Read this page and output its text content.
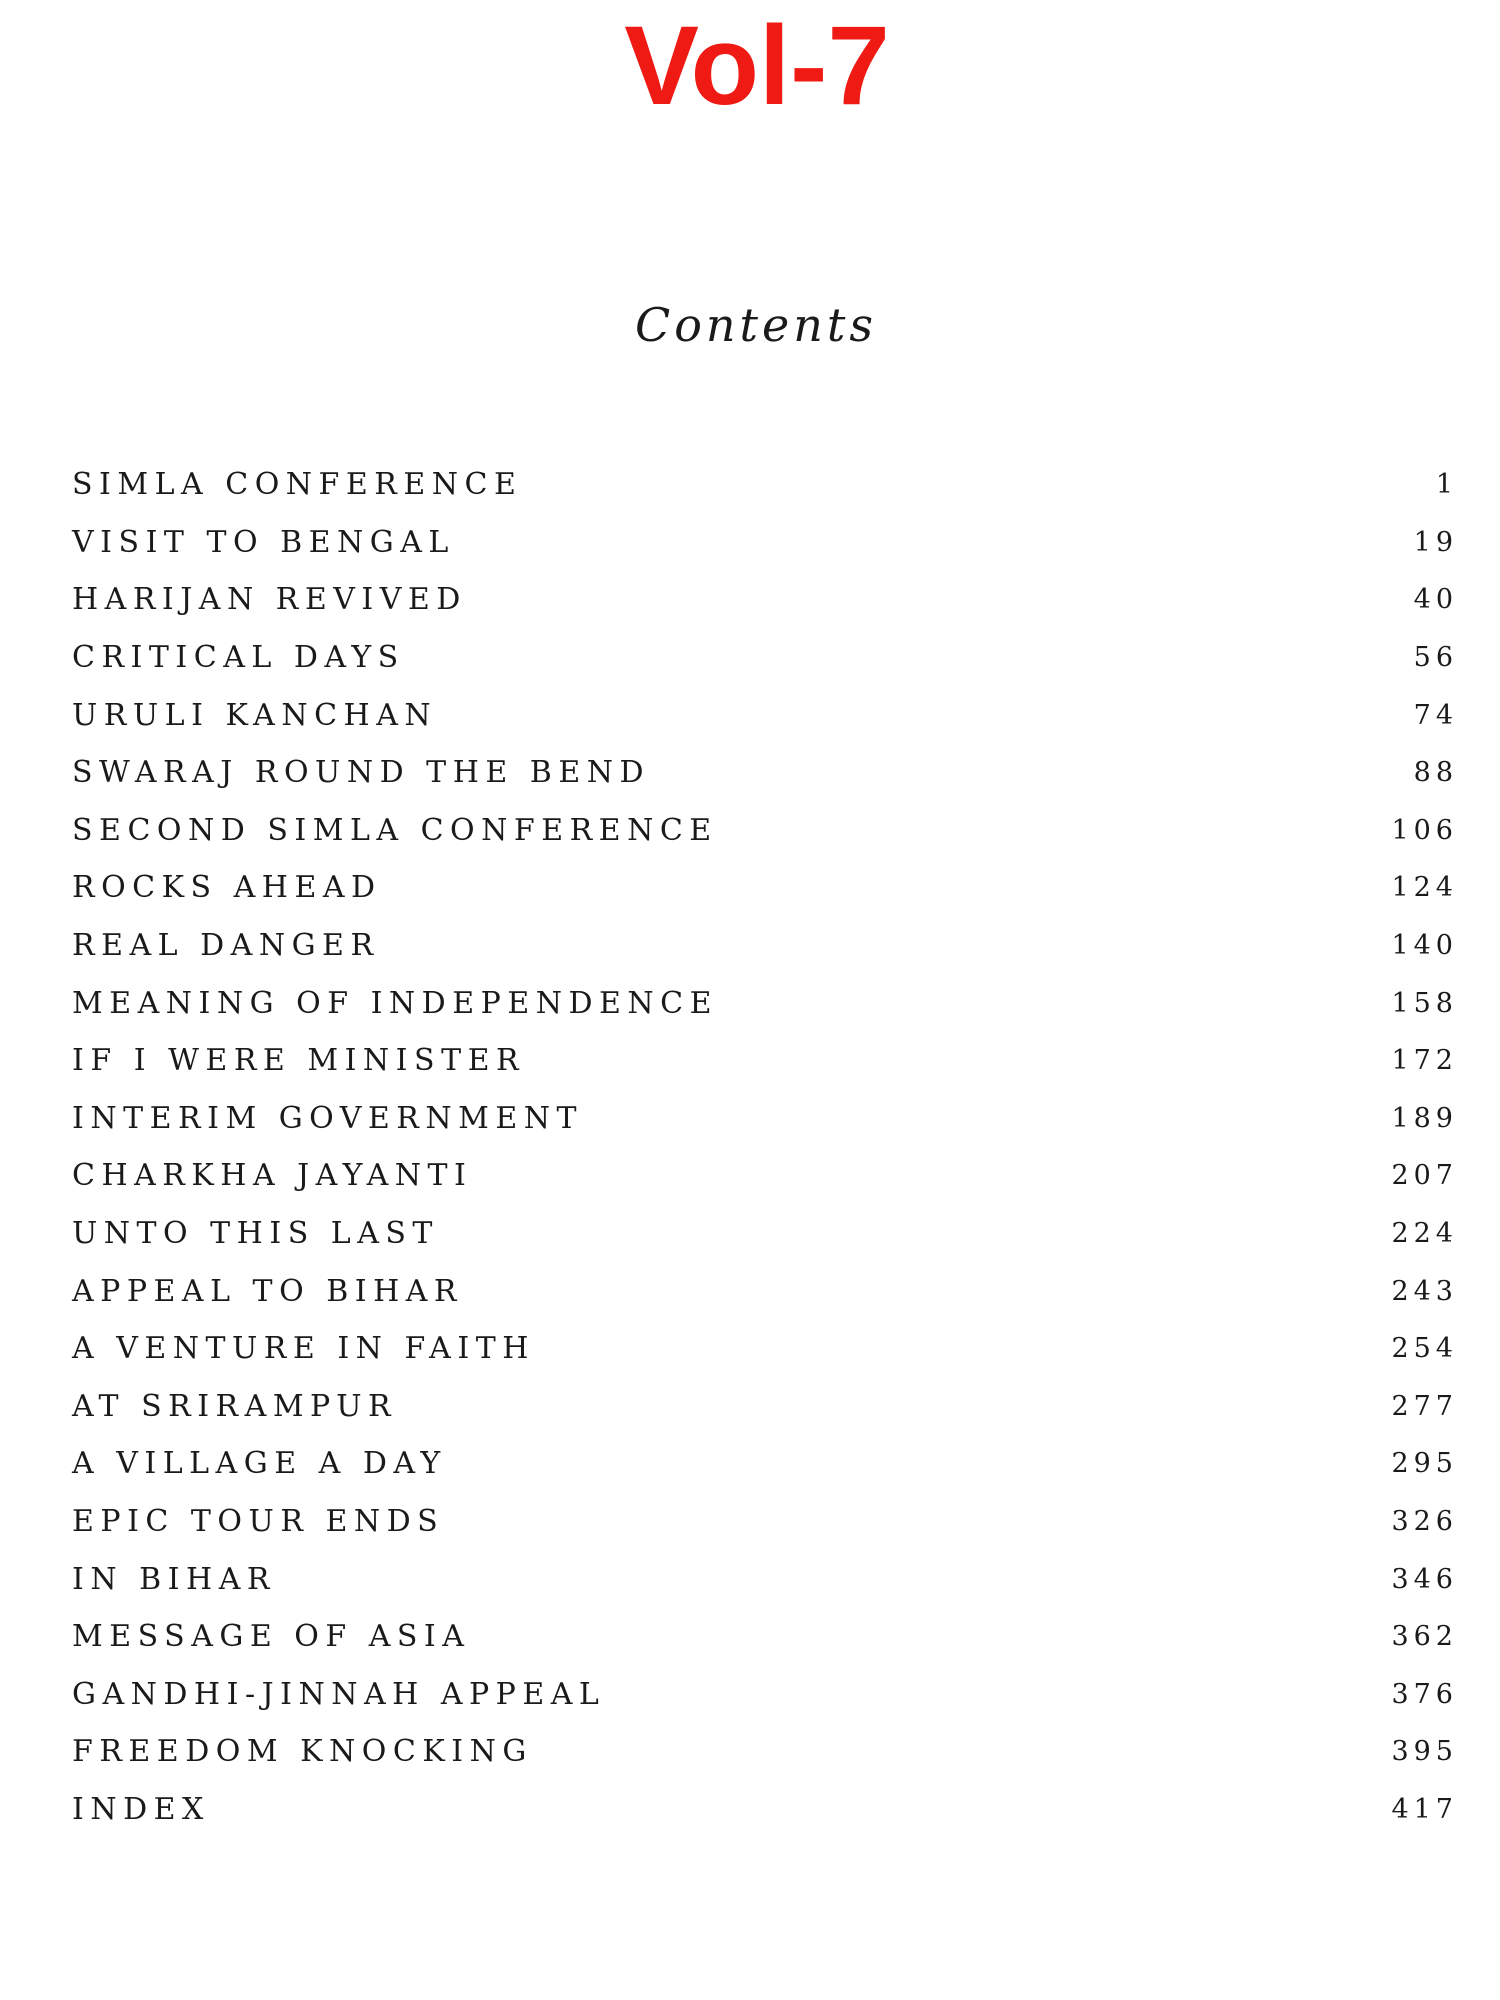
Vol-7
Contents
SIMLA CONFERENCE	1
VISIT TO BENGAL	19
HARIJAN REVIVED	40
CRITICAL DAYS	56
URULI KANCHAN	74
SWARAJ ROUND THE BEND	88
SECOND SIMLA CONFERENCE	106
ROCKS AHEAD	124
REAL DANGER	140
MEANING OF INDEPENDENCE	158
IF I WERE MINISTER	172
INTERIM GOVERNMENT	189
CHARKHA JAYANTI	207
UNTO THIS LAST	224
APPEAL TO BIHAR	243
A VENTURE IN FAITH	254
AT SRIRAMPUR	277
A VILLAGE A DAY	295
EPIC TOUR ENDS	326
IN BIHAR	346
MESSAGE OF ASIA	362
GANDHI-JINNAH APPEAL	376
FREEDOM KNOCKING	395
INDEX	417
